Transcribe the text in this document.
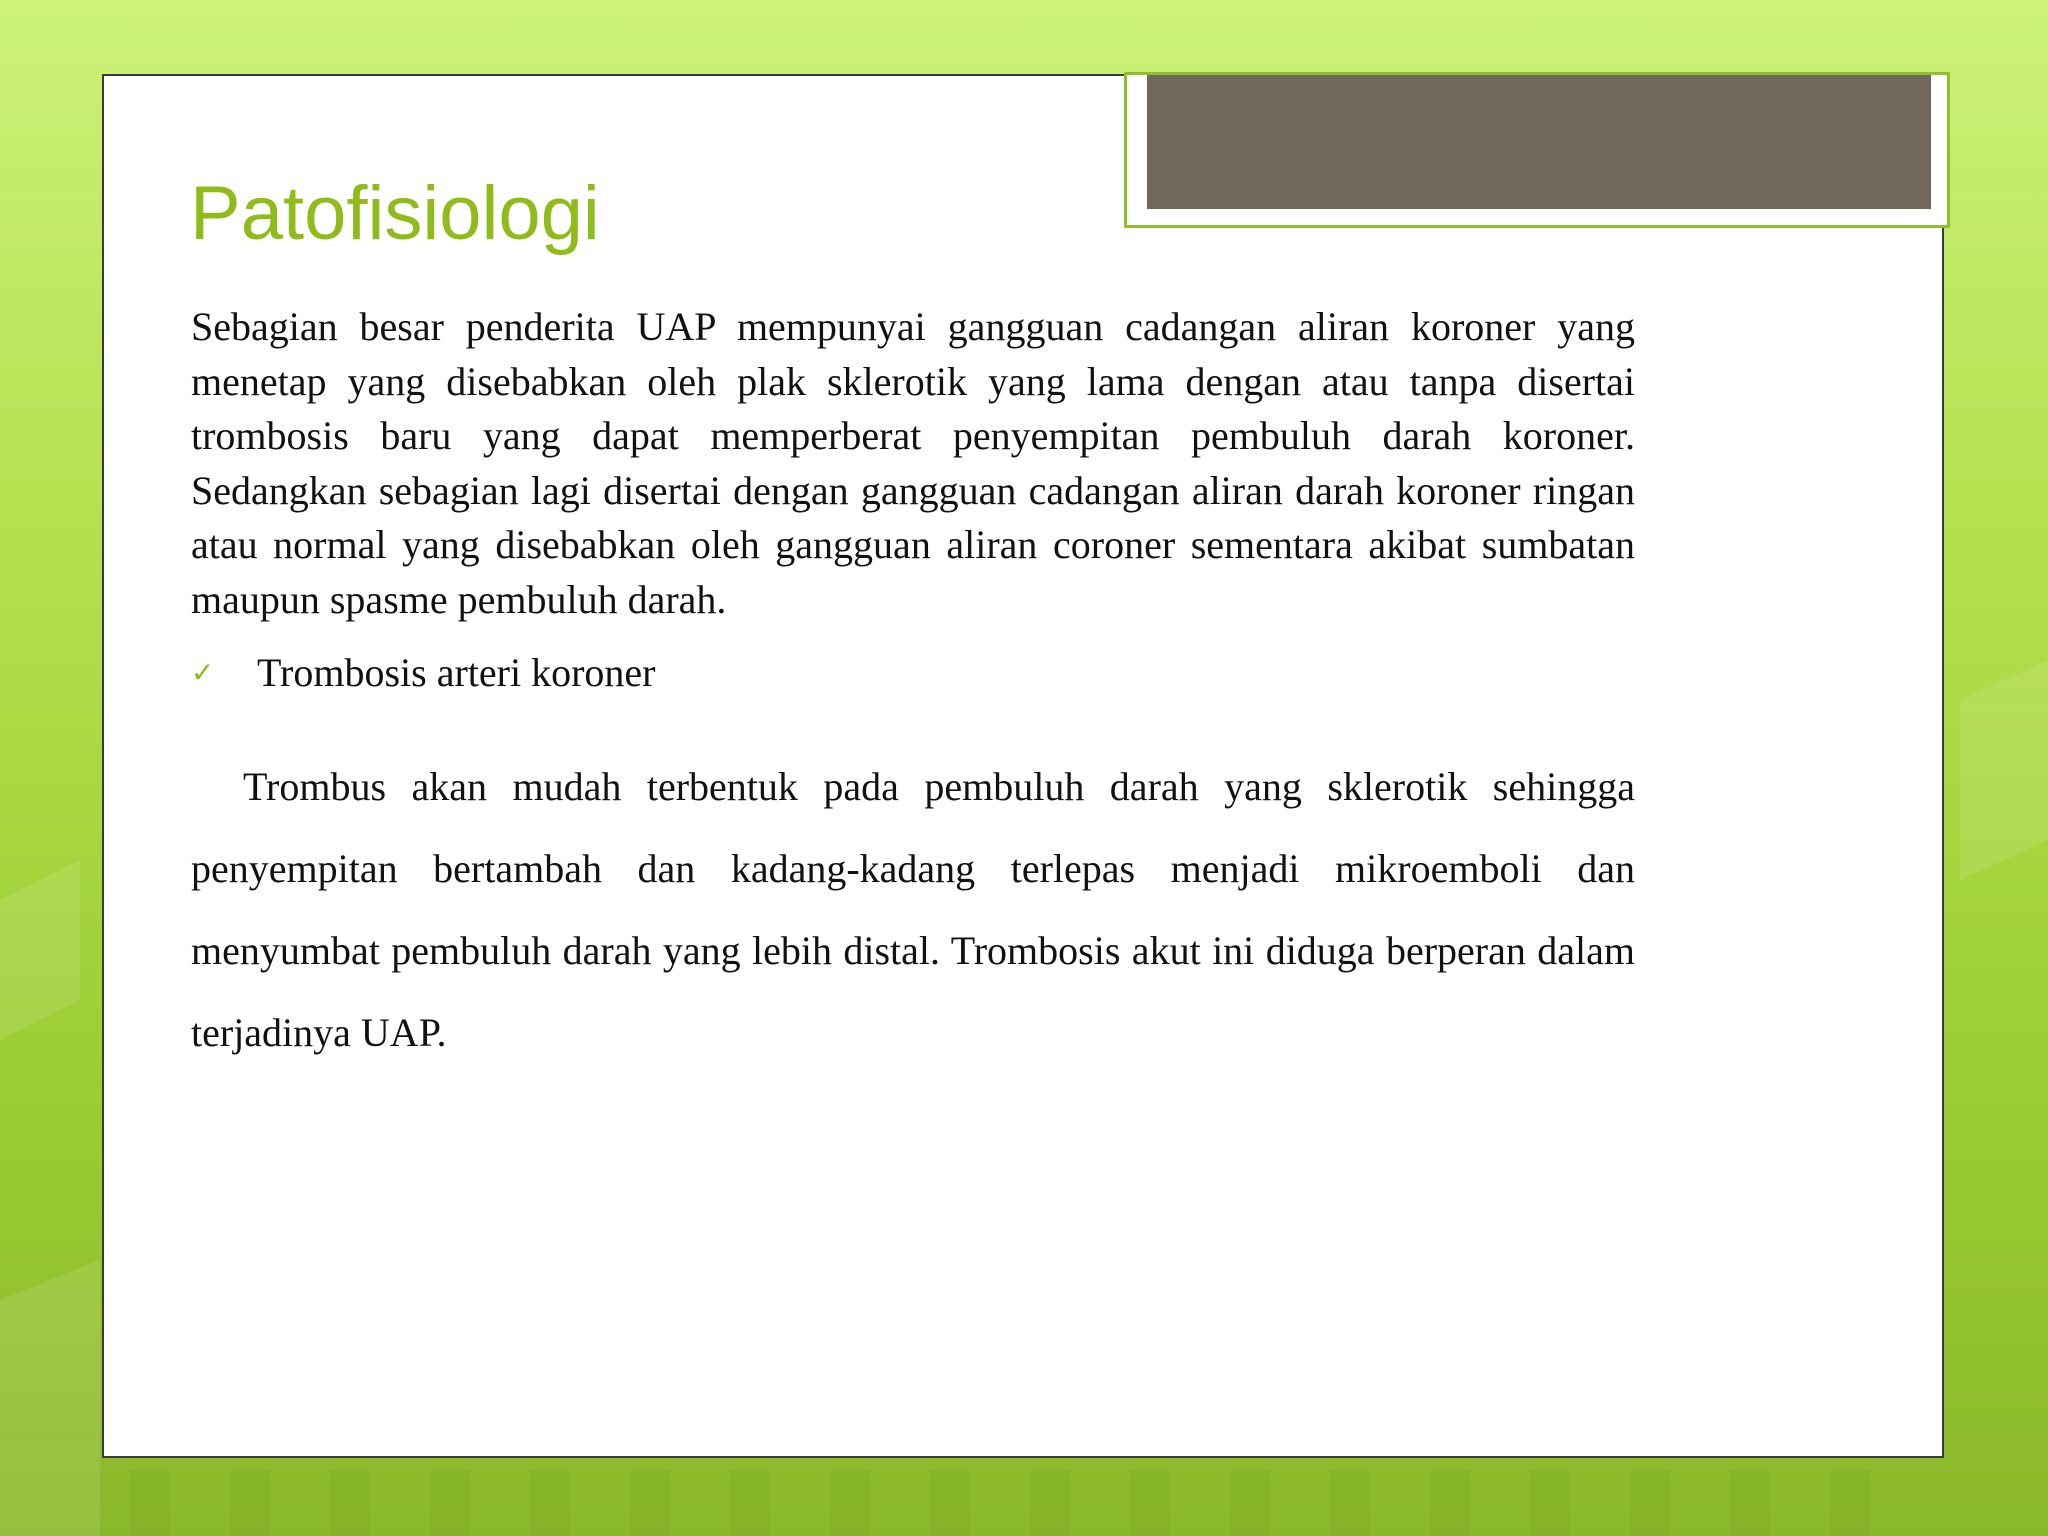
Patofisiologi

Sebagian besar penderita UAP mempunyai gangguan cadangan aliran koroner yang menetap yang disebabkan oleh plak sklerotik yang lama dengan atau tanpa disertai trombosis baru yang dapat memperberat penyempitan pembuluh darah koroner. Sedangkan sebagian lagi disertai dengan gangguan cadangan aliran darah koroner ringan atau normal yang disebabkan oleh gangguan aliran coroner sementara akibat sumbatan maupun spasme pembuluh darah.

✓	Trombosis arteri koroner

Trombus akan mudah terbentuk pada pembuluh darah yang sklerotik sehingga penyempitan bertambah dan kadang-kadang terlepas menjadi mikroemboli dan menyumbat pembuluh darah yang lebih distal. Trombosis akut ini diduga berperan dalam terjadinya UAP.
